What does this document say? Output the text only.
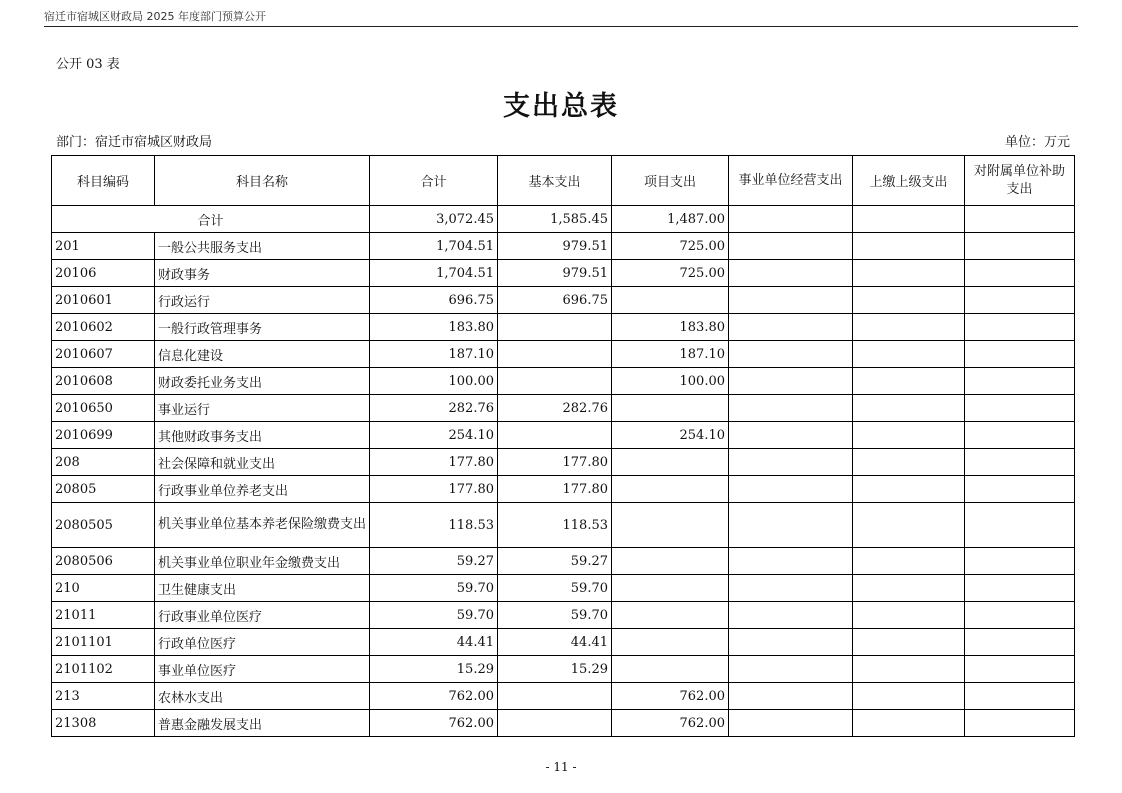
宿迁市宿城区财政局 2025 年度部门预算公开
公开 03 表
支出总表
部门：宿迁市宿城区财政局	单位：万元
科目编码	科目名称	合计	基本支出	项目支出	事业单位经营支出	上缴上级支出	对附属单位补助支出
合计		3,072.45	1,585.45	1,487.00			
201	一般公共服务支出	1,704.51	979.51	725.00			
20106	财政事务	1,704.51	979.51	725.00			
2010601	行政运行	696.75	696.75				
2010602	一般行政管理事务	183.80		183.80			
2010607	信息化建设	187.10		187.10			
2010608	财政委托业务支出	100.00		100.00			
2010650	事业运行	282.76	282.76				
2010699	其他财政事务支出	254.10		254.10			
208	社会保障和就业支出	177.80	177.80				
20805	行政事业单位养老支出	177.80	177.80				
2080505	机关事业单位基本养老保险缴费支出	118.53	118.53				
2080506	机关事业单位职业年金缴费支出	59.27	59.27				
210	卫生健康支出	59.70	59.70				
21011	行政事业单位医疗	59.70	59.70				
2101101	行政单位医疗	44.41	44.41				
2101102	事业单位医疗	15.29	15.29				
213	农林水支出	762.00		762.00			
21308	普惠金融发展支出	762.00		762.00			
- 11 -
